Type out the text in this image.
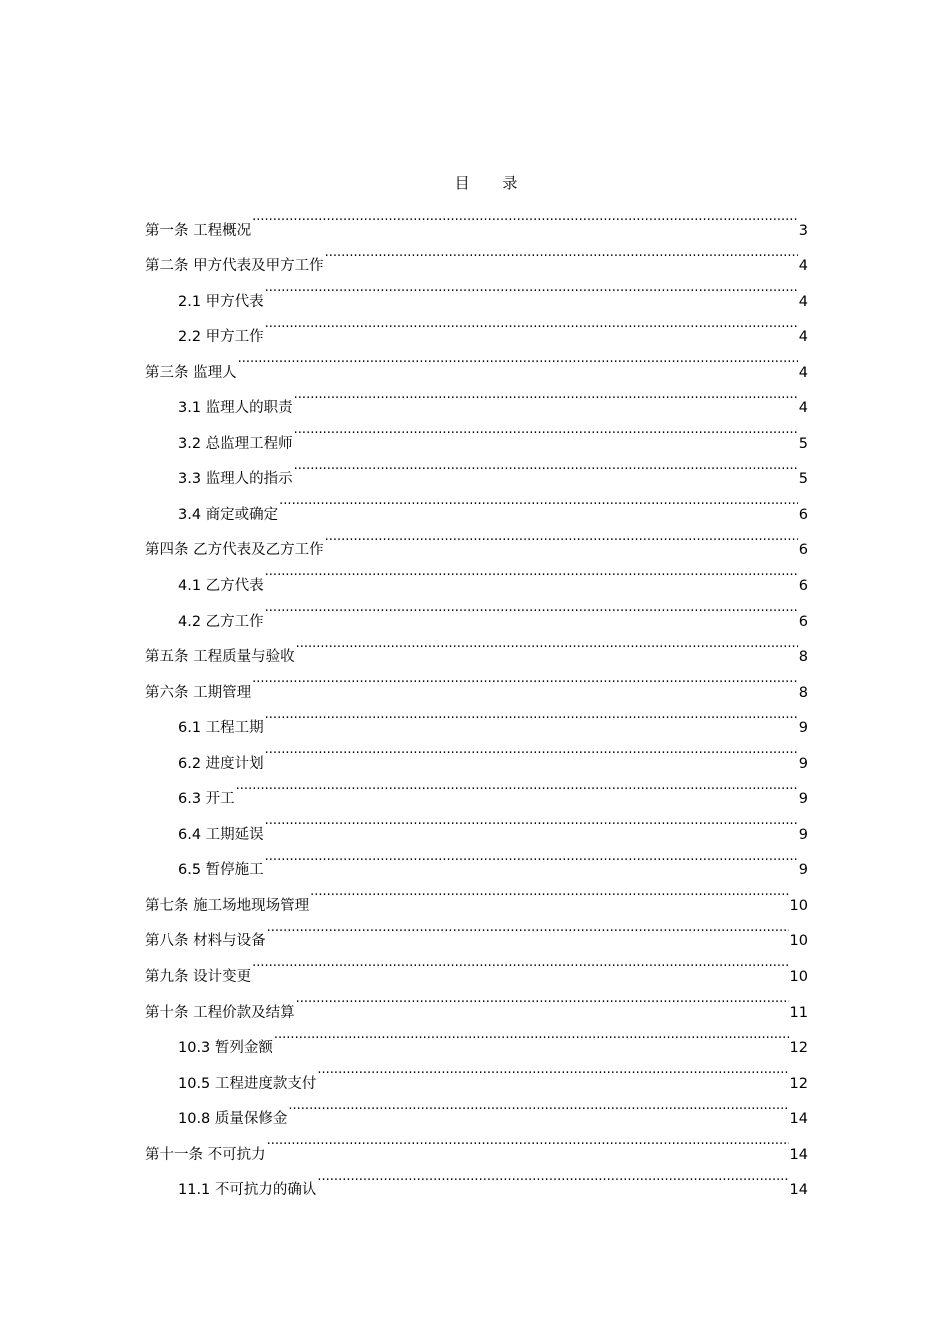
目 录
第一条 工程概况 .....	3
第二条 甲方代表及甲方工作 .....	4
2.1 甲方代表 .....	4
2.2 甲方工作 .....	4
第三条 监理人 .....	4
3.1 监理人的职责 .....	4
3.2 总监理工程师 .....	5
3.3 监理人的指示 .....	5
3.4 商定或确定 .....	6
第四条 乙方代表及乙方工作 .....	6
4.1 乙方代表 .....	6
4.2 乙方工作 .....	6
第五条 工程质量与验收 .....	8
第六条 工期管理 .....	8
6.1 工程工期 .....	9
6.2 进度计划 .....	9
6.3 开工 .....	9
6.4 工期延误 .....	9
6.5 暂停施工 .....	9
第七条 施工场地现场管理 .....	10
第八条 材料与设备 .....	10
第九条 设计变更 .....	10
第十条 工程价款及结算 .....	11
10.3 暂列金额 .....	12
10.5 工程进度款支付 .....	12
10.8 质量保修金 .....	14
第十一条 不可抗力 .....	14
11.1 不可抗力的确认 .....	14
